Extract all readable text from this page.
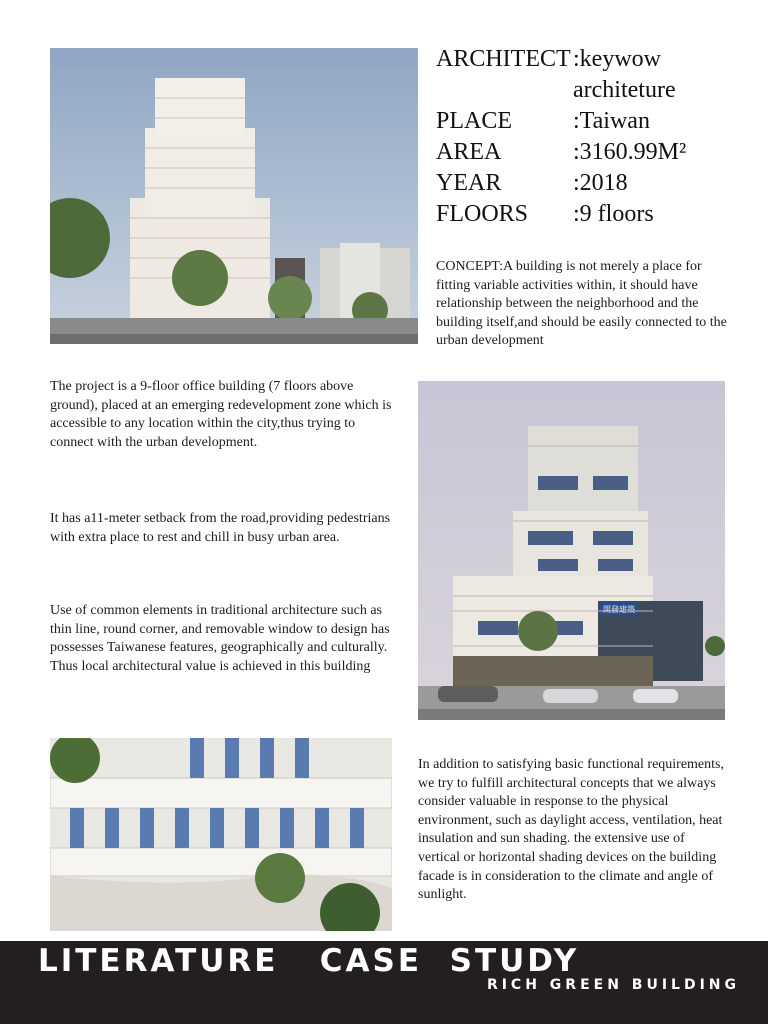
ARCHITECT :keywow architeture
PLACE	:Taiwan
AREA	:3160.99M²
YEAR	:2018
FLOORS	:9 floors

CONCEPT:A building is not merely a place for fitting variable activities within, it should have relationship between the neighborhood and the building itself,and should be easily connected to the urban development

The project is a 9-floor office building (7 floors above ground), placed at an emerging redevelopment zone which is accessible to any location within the city,thus trying to connect with the urban development.

It has a11-meter setback from the road,providing pedestrians with extra place to rest and chill in busy urban area.

Use of common elements in traditional architecture such as thin line, round corner, and removable window to design has possesses Taiwanese features, geographically and culturally. Thus local architectural value is achieved in this building

開發建築

In addition to satisfying basic functional requirements, we try to fulfill architectural concepts that we always consider valuable in response to the physical environment, such as daylight access, ventilation, heat insulation and sun shading. the extensive use of vertical or horizontal shading devices on the building facade is in consideration to the climate and angle of sunlight.

LITERATURE   CASE  STUDY
RICH GREEN BUILDING
